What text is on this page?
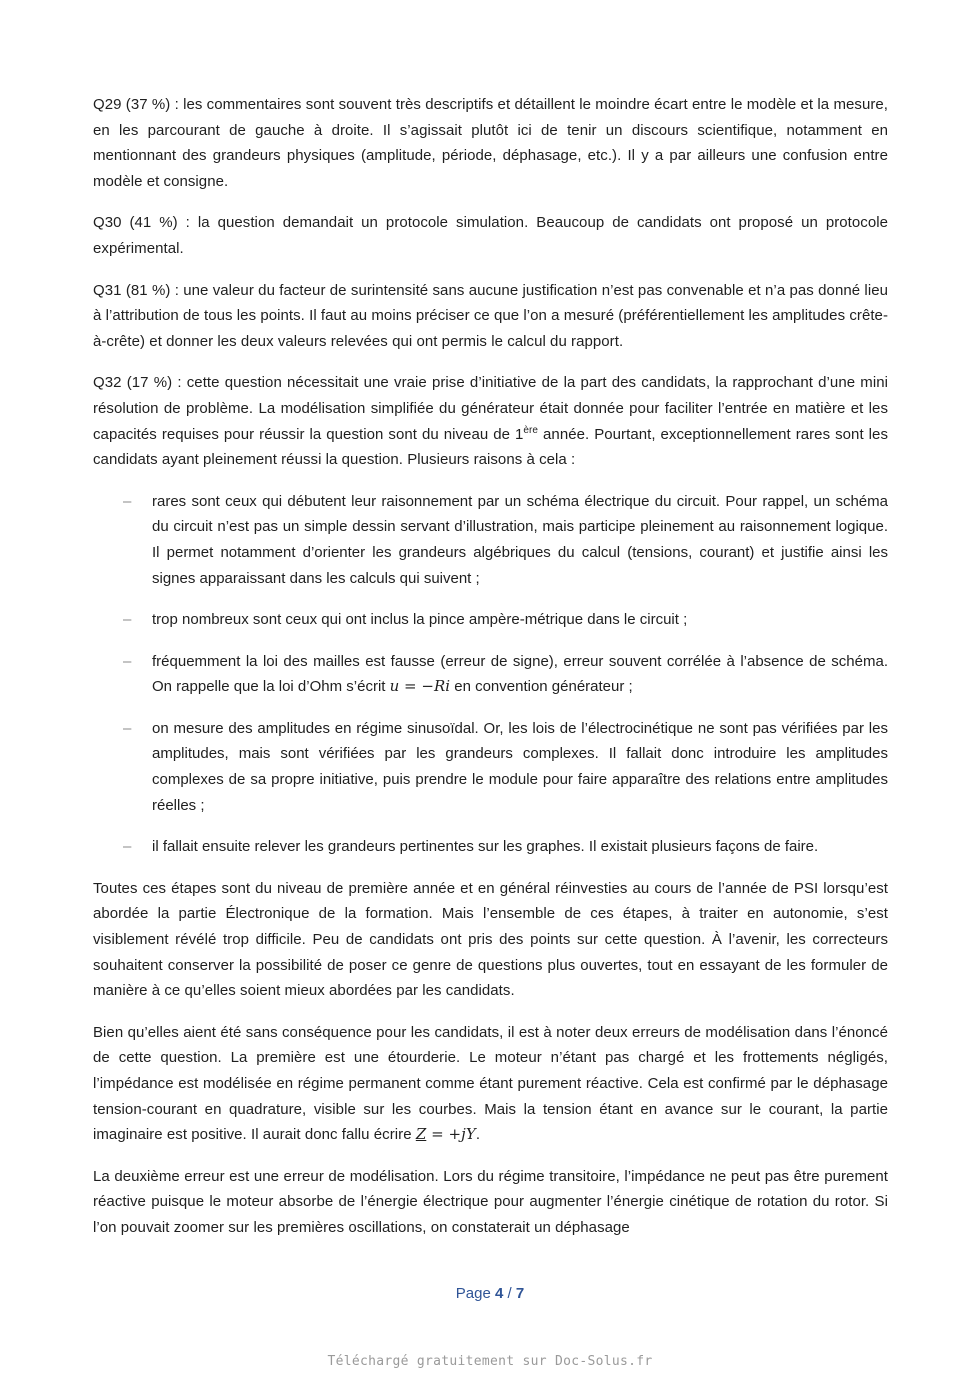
Q29 (37 %) : les commentaires sont souvent très descriptifs et détaillent le moindre écart entre le modèle et la mesure, en les parcourant de gauche à droite. Il s’agissait plutôt ici de tenir un discours scientifique, notamment en mentionnant des grandeurs physiques (amplitude, période, déphasage, etc.). Il y a par ailleurs une confusion entre modèle et consigne.

Q30 (41 %) : la question demandait un protocole simulation. Beaucoup de candidats ont proposé un protocole expérimental.

Q31 (81 %) : une valeur du facteur de surintensité sans aucune justification n’est pas convenable et n’a pas donné lieu à l’attribution de tous les points. Il faut au moins préciser ce que l’on a mesuré (préférentiellement les amplitudes crête-à-crête) et donner les deux valeurs relevées qui ont permis le calcul du rapport.

Q32 (17 %) : cette question nécessitait une vraie prise d’initiative de la part des candidats, la rapprochant d’une mini résolution de problème. La modélisation simplifiée du générateur était donnée pour faciliter l’entrée en matière et les capacités requises pour réussir la question sont du niveau de 1ère année. Pourtant, exceptionnellement rares sont les candidats ayant pleinement réussi la question. Plusieurs raisons à cela :

– rares sont ceux qui débutent leur raisonnement par un schéma électrique du circuit. Pour rappel, un schéma du circuit n’est pas un simple dessin servant d’illustration, mais participe pleinement au raisonnement logique. Il permet notamment d’orienter les grandeurs algébriques du calcul (tensions, courant) et justifie ainsi les signes apparaissant dans les calculs qui suivent ;
– trop nombreux sont ceux qui ont inclus la pince ampère-métrique dans le circuit ;
– fréquemment la loi des mailles est fausse (erreur de signe), erreur souvent corrélée à l’absence de schéma. On rappelle que la loi d’Ohm s’écrit u = −Ri en convention générateur ;
– on mesure des amplitudes en régime sinusoïdal. Or, les lois de l’électrocinétique ne sont pas vérifiées par les amplitudes, mais sont vérifiées par les grandeurs complexes. Il fallait donc introduire les amplitudes complexes de sa propre initiative, puis prendre le module pour faire apparaître des relations entre amplitudes réelles ;
– il fallait ensuite relever les grandeurs pertinentes sur les graphes. Il existait plusieurs façons de faire.

Toutes ces étapes sont du niveau de première année et en général réinvesties au cours de l’année de PSI lorsqu’est abordée la partie Électronique de la formation. Mais l’ensemble de ces étapes, à traiter en autonomie, s’est visiblement révélé trop difficile. Peu de candidats ont pris des points sur cette question. À l’avenir, les correcteurs souhaitent conserver la possibilité de poser ce genre de questions plus ouvertes, tout en essayant de les formuler de manière à ce qu’elles soient mieux abordées par les candidats.

Bien qu’elles aient été sans conséquence pour les candidats, il est à noter deux erreurs de modélisation dans l’énoncé de cette question. La première est une étourderie. Le moteur n’étant pas chargé et les frottements négligés, l’impédance est modélisée en régime permanent comme étant purement réactive. Cela est confirmé par le déphasage tension-courant en quadrature, visible sur les courbes. Mais la tension étant en avance sur le courant, la partie imaginaire est positive. Il aurait donc fallu écrire Z = +jY.

La deuxième erreur est une erreur de modélisation. Lors du régime transitoire, l’impédance ne peut pas être purement réactive puisque le moteur absorbe de l’énergie électrique pour augmenter l’énergie cinétique de rotation du rotor. Si l’on pouvait zoomer sur les premières oscillations, on constaterait un déphasage

Page 4 / 7
Téléchargé gratuitement sur Doc-Solus.fr
